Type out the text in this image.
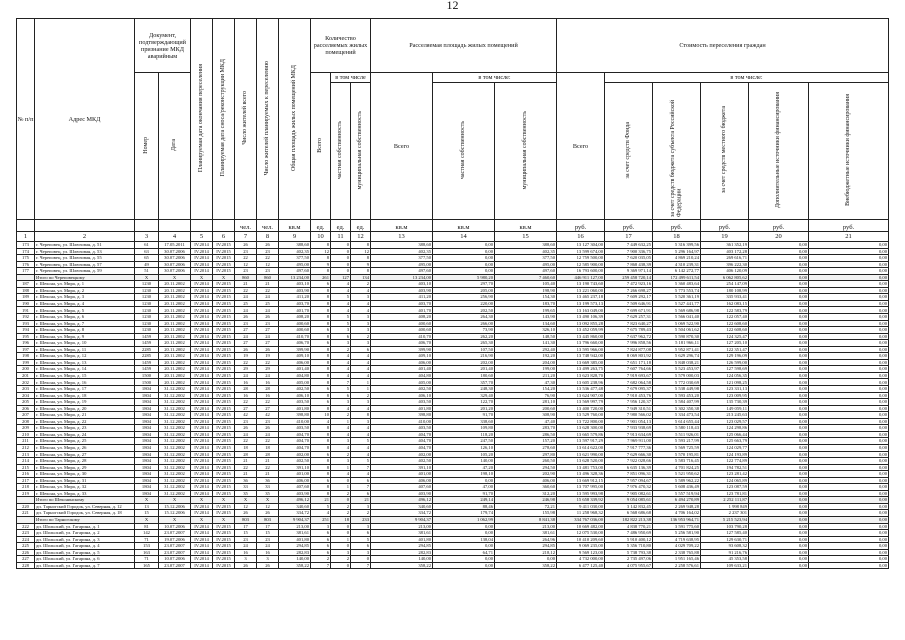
12
№ п/п	Адрес МКД	Документ, подтверждающий признание МКД аварийным		Планируемая дата окончания переселения	Планируемая дата сноса/реконструкции МКД	Число жителей всего	Число жителей планируемых к переселению	Общая площадь жилых помещений МКД	Количество расселяемых жилых помещений			Расселяемая площадь жилых помещений			Стоимость переселения граждан					
		Номер	Дата						Всего	в том числе		Всего	в том числе:		Всего	в том числе:				
										частная собственность	муниципальная собственность		частная собственность	муниципальная собственность		за счет средств Фонда	за счет средств бюджета субъекта Российской Федерации	за счет средств местного бюджета	Дополнительные источники финансирования	Внебюджетные источники финансирования
						чел.	чел.	кв.м	ед.	ед.	ед.	кв.м	кв.м	кв.м	руб.	руб.	руб.	руб.	руб.	руб.
1	2	3	4	5	6	7	8	9	10	11	12	13	14	15	16	17	18	19	20	21
173	г. Череповец, ул. Шлюзовая, д. 51	61	17.05.2011	IV.2014	IV.2015	26	26	388,60	8	0	8	388,60	0,00	388,60	13 127 304,00	7 449 632,25	5 316 399,56	361 352,19	0,00	0,00
174	г. Череповец, ул. Шлюзовая, д. 53	63	30.07.2006	IV.2014	IV.2015	23	23	402,35	12	0	12	402,35	0,00	402,35	13 599 674,00	7 900 336,75	5 296 164,97	403 172,28	0,00	0,00
175	г. Череповец, ул. Шлюзовая, д. 55	65	30.07.2006	IV.2014	IV.2015	22	22	377,50	8	0	8	377,50	0,00	377,50	12 759 500,00	7 620 035,05	4 869 210,24	269 616,71	0,00	0,00
176	г. Череповец, ул. Шлюзовая, д. 57	49	30.07.2006	IV.2014	IV.2015	12	12	495,00	9	0	9	495,00	0,00	495,00	12 585 900,00	7 868 438,39	4 310 239,31	396 222,30	0,00	0,00
177	г. Череповец, ул. Шлюзовая, д. 59	51	30.07.2006	IV.2014	IV.2015	23	23	497,60	8	0	8	497,60	0,00	497,60	16 793 600,00	9 369 971,14	6 142 272,77	406 120,09	0,00	0,00
	Итого по Череповецкому	X	X	X	X	860	860	13 234,00	261	127	134	13 234,00	5 980,20	7 460,60	446 911 127,00	259 458 720,14	172 499 611,54	6 062 805,62	0,00	0,00
187	г. Шексна, ул. Мира, д. 1	1230	20.11.2002	IV.2014	IV.2015	21	21	403,10	6	4	2	403,10	297,70	105,40	13 190 743,60	7 472 923,16	5 360 483,64	254 147,09	0,00	0,00
188	г. Шексна, ул. Мира, д. 2	1230	20.11.2002	IV.2014	IV.2015	22	22	403,90	8	4	4	403,90	205,00	198,90	13 221 060,00	7 266 698,27	5 773 553,74	180 108,99	0,00	0,00
189	г. Шексна, ул. Мира, д. 3	1230	20.11.2002	IV.2014	IV.2015	24	24	411,20	8	5	3	411,20	256,90	154,30	13 465 237,18	7 609 292,17	5 520 361,19	335 933,41	0,00	0,00
190	г. Шексна, ул. Мира, д. 4	1230	20.11.2002	IV.2014	IV.2015	25	25	403,70	8	4	4	403,70	220,00	183,70	13 199 573,13	7 509 646,91	5 527 441,77	162 083,15	0,00	0,00
191	г. Шексна, ул. Мира, д. 5	1230	20.11.2002	IV.2014	IV.2015	24	24	401,70	8	4	4	401,70	202,50	199,65	13 163 049,00	7 699 671,91	5 569 686,98	122 583,79	0,00	0,00
192	г. Шексна, ул. Мира, д. 6	1230	20.11.2002	IV.2014	IV.2015	26	26	408,20	8	5	3	408,20	264,30	143,90	13 490 106,39	7 629 257,31	5 566 041,40	122 057,40	0,00	0,00
193	г. Шексна, ул. Мира, д. 7	1230	20.11.2002	IV.2014	IV.2015	23	23	400,60	8	5	3	400,60	266,00	134,60	13 092 855,28	7 823 640,27	5 069 522,90	122 608,60	0,00	0,00
194	г. Шексна, ул. Мира, д. 8	1230	20.11.2002	IV.2014	IV.2015	27	27	400,60	6	3	3	400,60	73,90	326,10	13 452 059,99	7 675 789,43	5 504 061,62	122 608,60	0,00	0,00
195	г. Шексна, ул. Мира, д. 9	1459	20.11.2002	IV.2014	IV.2015	24	24	410,70	8	6	2	410,70	262,20	148,50	13 445 860,00	7 637 962,72	5 590 870,30	124 325,47	0,00	0,00
196	г. Шексна, ул. Мира, д. 10	1459	20.11.2002	IV.2014	IV.2015	27	27	406,70	6	3	3	406,70	265,30	141,30	13 796 660,00	7 996 858,56	5 181 966,11	127 205,10	0,00	0,00
197	г. Шексна, ул. Мира, д. 11	2285	20.11.2002	IV.2014	IV.2015	26	26	399,90	8	2	6	399,90	107,50	292,40	13 595 966,00	7 824 877,08	5 952 871,41	122 351,47	0,00	0,00
198	г. Шексна, ул. Мира, д. 12	2285	20.11.2002	IV.2014	IV.2015	19	19	409,10	8	4	4	409,10	216,90	192,20	13 748 942,00	8 069 801,92	5 629 296,74	129 196,09	0,00	0,00
199	г. Шексна, ул. Мира, д. 13	1459	20.11.2002	IV.2014	IV.2015	22	22	406,00	8	4	4	406,00	202,00	204,00	13 669 385,00	7 651 171,18	5 848 038,21	126 599,00	0,00	0,00
200	г. Шексна, ул. Мира, д. 14	1459	20.11.2002	IV.2014	IV.2015	29	29	401,40	8	4	4	401,40	201,40	199,00	13 499 263,75	7 607 764,66	5 523 453,97	127 598,69	0,00	0,00
201	г. Шексна, ул. Мира, д. 15	1500	20.11.2002	IV.2014	IV.2015	24	24	404,80	8	4	4	404,80	180,60	211,20	13 623 828,70	7 919 693,67	5 579 000,03	124 056,35	0,00	0,00
202	г. Шексна, ул. Мира, д. 16	1500	20.11.2002	IV.2014	IV.2015	16	16	405,00	8	7	1	405,00	357,70	47,30	13 605 238,96	7 682 064,58	5 772 030,69	121 098,25	0,00	0,00
203	г. Шексна, ул. Мира, д. 17	1804	31.12.2002	IV.2014	IV.2015	28	28	402,50	6	5	1	402,50	248,30	154,20	13 536 477,48	7 679 095,37	5 538 449,98	123 331,13	0,00	0,00
204	г. Шексна, ул. Мира, д. 18	1804	31.12.2002	IV.2014	IV.2015	16	16	406,10	8	6	2	406,10	329,40	76,90	13 624 907,00	7 910 453,76	5 593 453,20	123 009,95	0,00	0,00
205	г. Шексна, ул. Мира, д. 19	1804	31.12.2002	IV.2014	IV.2015	22	22	403,50	6	3	3	403,50	122,70	281,10	13 569 997,79	7 956 120,37	5 584 407,99	135 730,39	0,00	0,00
206	г. Шексна, ул. Мира, д. 20	1804	31.12.2002	IV.2014	IV.2015	27	27	401,80	8	4	4	401,80	201,20	200,60	13 400 720,00	7 949 310,51	5 302 350,38	149 059,11	0,00	0,00
207	г. Шексна, ул. Мира, д. 21	1804	31.12.2002	IV.2014	IV.2015	42	42	398,80	10	2	8	398,80	91,70	308,90	13 529 760,00	7 980 566,02	5 334 473,54	213 245,63	0,00	0,00
208	г. Шексна, ул. Мира, д. 22	1804	31.12.2002	IV.2014	IV.2015	23	23	410,00	4	1	3	410,00	338,60	47,40	13 722 800,00	7 901 054,13	5 614 655,44	123 029,57	0,00	0,00
209	г. Шексна, ул. Мира, д. 23	1804	31.12.2002	IV.2014	IV.2015	26	26	403,50	8	4	4	403,50	109,80	283,70	13 628 300,00	7 933 938,69	5 580 118,43	124 298,86	0,00	0,00
210	г. Шексна, ул. Мира, д. 24	1804	31.12.2002	IV.2014	IV.2015	24	24	404,70	8	4	4	404,70	118,20	286,50	13 665 579,86	7 913 634,69	5 511 926,01	125 066,44	0,00	0,00
211	г. Шексна, ул. Мира, д. 25	1804	31.12.2002	IV.2014	IV.2015	22	22	404,70	8	3	5	404,70	247,50	157,20	13 597 917,29	7 969 911,00	5 593 217,99	125 663,79	0,00	0,00
212	г. Шексна, ул. Мира, д. 26	1804	31.12.2002	IV.2014	IV.2015	18	18	404,70	8	4	4	404,70	126,10	278,60	13 614 622,00	7 917 777,36	5 569 725,59	124 029,77	0,00	0,00
213	г. Шексна, ул. Мира, д. 27	1804	31.12.2002	IV.2014	IV.2015	28	28	402,00	6	2	4	402,00	105,20	297,80	13 621 990,00	7 629 666,30	5 570 195,81	124 193,89	0,00	0,00
214	г. Шексна, ул. Мира, д. 28	1804	31.12.2002	IV.2014	IV.2015	21	21	402,50	8	3	5	402,50	140,00	260,50	13 628 520,00	7 922 028,66	5 583 716,45	122 774,89	0,00	0,00
215	г. Шексна, ул. Мира, д. 29	1804	31.12.2002	IV.2014	IV.2015	22	22	391,10	8	1	7	391,10	47,20	294,50	13 481 753,00	6 635 136,39	4 701 824,25	194 782,51	0,00	0,00
216	г. Шексна, ул. Мира, д. 30	1804	31.12.2002	IV.2014	IV.2015	21	21	401,00	8	4	4	401,00	198,10	202,90	13 496 328,36	7 851 096,31	5 521 950,62	123 281,42	0,00	0,00
217	г. Шексна, ул. Мира, д. 31	1804	31.12.2002	IV.2014	IV.2015	36	36	406,00	6	0	6	406,00	0,00	406,00	13 669 912,15	7 957 094,67	5 589 962,22	124 065,89	0,00	0,00
218	г. Шексна, ул. Мира, д. 32	1804	31.12.2002	IV.2014	IV.2015	33	33	407,60	8	1	7	407,60	47,00	360,60	13 707 995,00	7 976 470,32	5 608 436,49	123 087,59	0,00	0,00
219	г. Шексна, ул. Мира, д. 33	1804	31.12.2002	IV.2014	IV.2015	35	35	403,90	8	2	6	403,90	91,70	312,20	13 595 993,98	7 905 082,61	5 557 519,94	123 781,81	0,00	0,00
	Итого по Шекснинскому	X	X	X	X	X	X	496,12	21	0	21	496,12	249,14	246,98	15 658 339,92	9 054 085,61	6 494 270,89	2 252 111,87	0,00	0,00
220	дп. Тарногский Городок, ул. Северная, д. 12	13	15.12.2006	IV.2014	IV.2015	12	12	340,60	5	2	3	340,60	88,46	72,21	9 411 030,00	3 142 832,45	2 269 948,28	1 998 849	0,00	0,00
221	дп. Тарногский Городок, ул. Северная, д. 18	15	15.12.2006	IV.2014	IV.2015	26	26	334,72	4	2	2	334,72	179,74	155,98	11 258 968,32	6 568 686,68	4 706 164,02	2 237 301	0,00	0,00
	Итого по Тарногскому	X	X	X	X	803	803	9 904,37	251	18	233	9 904,37	1 062,99	8 841,38	334 767 036,00	182 822 213,38	136 953 964,71	5 215 523,94	0,00	0,00
222	дп. Шольский, ул. Гагарина, д. 1	81	10.07.2006	IV.2014	IV.2015	17	17	213,00	3	0	3	213,00	0,00	213,00	10 669 482,00	4 838 770,21	3 591 775,60	103 790,28	0,00	0,00
223	дп. Шольский, ул. Гагарина, д. 2	142	23.07.2007	IV.2014	IV.2015	15	15	381,61	6	0	6	381,61	0,00	381,61	12 075 530,00	7 486 950,69	5 256 581,90	127 585,40	0,00	0,00
224	дп. Шольский, ул. Гагарина, д. 3	71	19.07.2006	IV.2014	IV.2015	23	23	401,80	6	1	5	401,80	138,04	264,96	10 410 209,60	5 910 400,12	4 719 638,95	129 630,71	0,00	0,00
225	дп. Шольский, ул. Гагарина, д. 4	153	23.07.2007	IV.2014	IV.2015	24	24	294,85	6	0	6	294,85	0,00	294,85	9 069 235,00	5 356 710,80	4 029 709,22	93 608,32	0,00	0,00
226	дп. Шольский, ул. Гагарина, д. 5	163	23.07.2007	IV.2014	IV.2015	16	16	282,83	6	3	3	282,83	64,71	218,12	9 569 123,00	5 738 793,38	2 338 765,88	91 216,76	0,00	0,00
227	дп. Шольский, ул. Гагарина, д. 6	71	10.07.2006	IV.2014	IV.2015	3	3	140,00	2	2	0	140,00	0,00	0,00	4 732 000,00	2 735 497,06	1 951 165,46	45 353,58	0,00	0,00
228	дп. Шольский, ул. Гагарина, д. 7	165	23.07.2007	IV.2014	IV.2015	26	26	358,22	7	0	7	358,22	0,00	358,22	6 477 125,40	4 075 955,67	2 258 576,61	109 633,21	0,00	0,00
